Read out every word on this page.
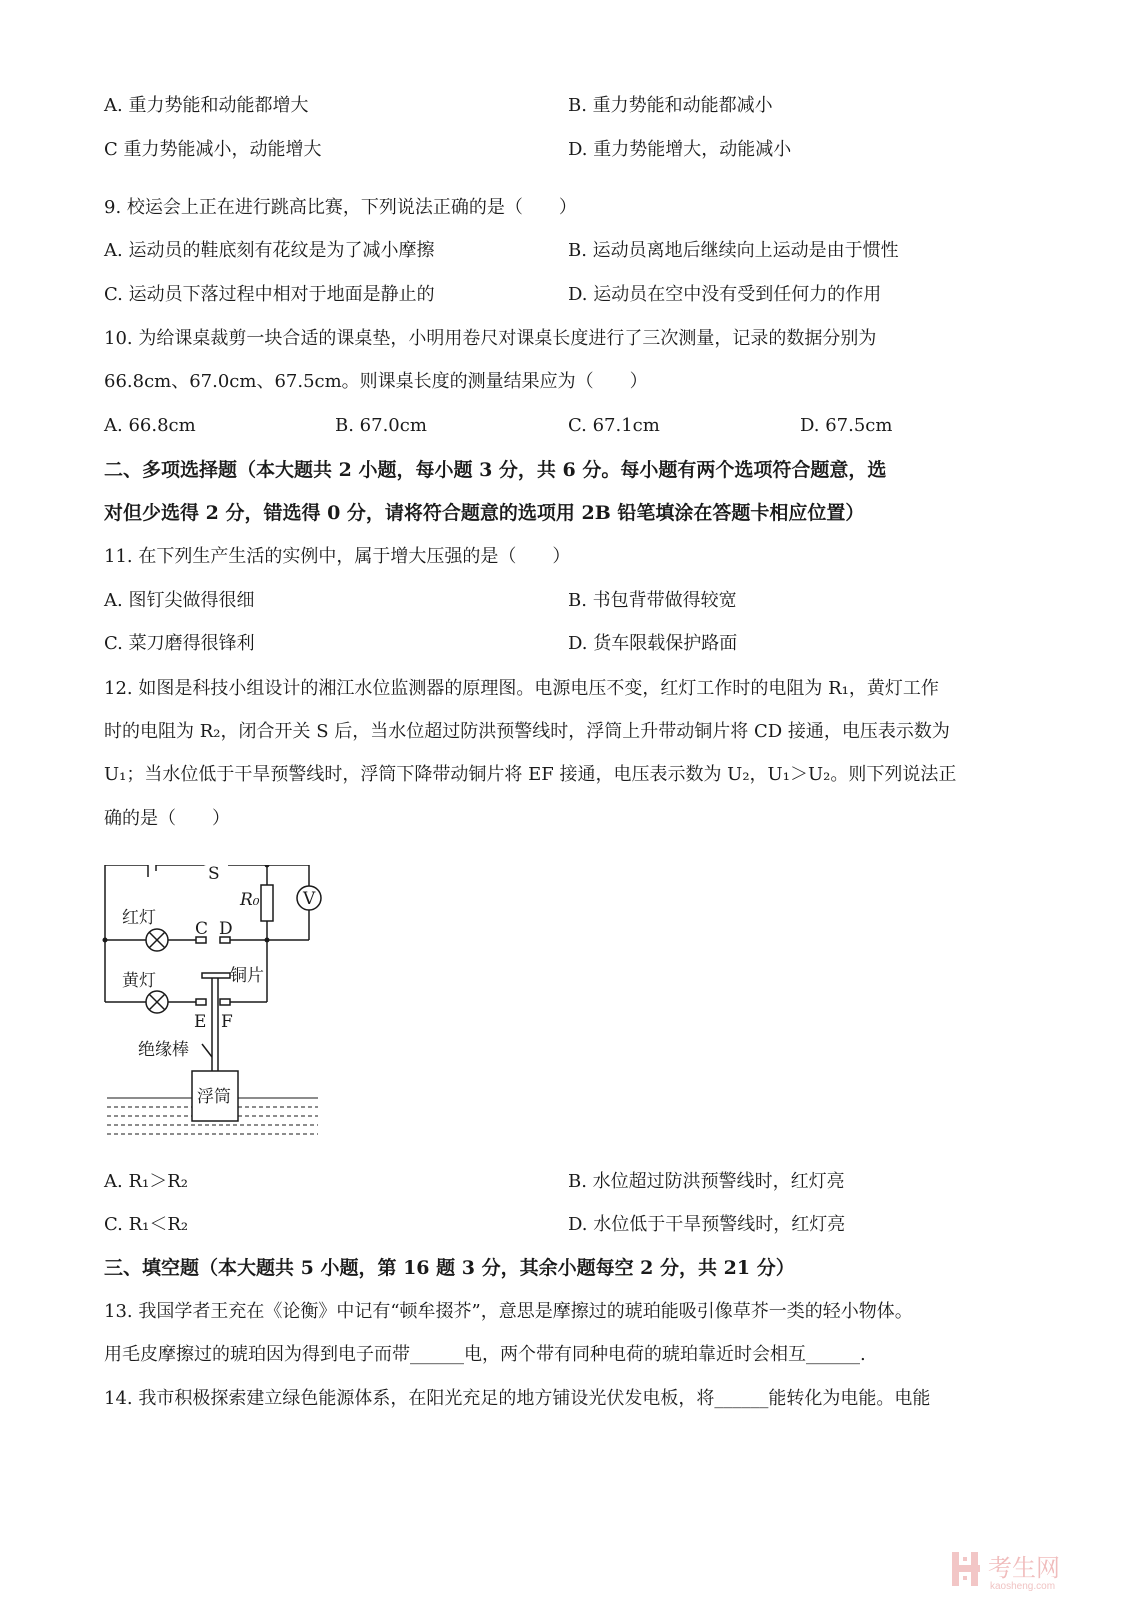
A. 重力势能和动能都增大	B. 重力势能和动能都减小
C 重力势能减小，动能增大	D. 重力势能增大，动能减小
9. 校运会上正在进行跳高比赛，下列说法正确的是（　　）
A. 运动员的鞋底刻有花纹是为了减小摩擦	B. 运动员离地后继续向上运动是由于惯性
C. 运动员下落过程中相对于地面是静止的	D. 运动员在空中没有受到任何力的作用
10. 为给课桌裁剪一块合适的课桌垫，小明用卷尺对课桌长度进行了三次测量，记录的数据分别为
66.8cm、67.0cm、67.5cm。则课桌长度的测量结果应为（　　）
A. 66.8cm	B. 67.0cm	C. 67.1cm	D. 67.5cm
二、多项选择题（本大题共 2 小题，每小题 3 分，共 6 分。每小题有两个选项符合题意，选
对但少选得 2 分，错选得 0 分，请将符合题意的选项用 2B 铅笔填涂在答题卡相应位置）
11. 在下列生产生活的实例中，属于增大压强的是（　　）
A. 图钉尖做得很细	B. 书包背带做得较宽
C. 菜刀磨得很锋利	D. 货车限载保护路面
12. 如图是科技小组设计的湘江水位监测器的原理图。电源电压不变，红灯工作时的电阻为 R₁，黄灯工作
时的电阻为 R₂，闭合开关 S 后，当水位超过防洪预警线时，浮筒上升带动铜片将 CD 接通，电压表示数为
U₁；当水位低于干旱预警线时，浮筒下降带动铜片将 EF 接通，电压表示数为 U₂，U₁＞U₂。则下列说法正
确的是（　　）
S
R₀	V
红灯
C D
黄灯	铜片
E F
绝缘棒
浮筒
A. R₁＞R₂	B. 水位超过防洪预警线时，红灯亮
C. R₁＜R₂	D. 水位低于干旱预警线时，红灯亮
三、填空题（本大题共 5 小题，第 16 题 3 分，其余小题每空 2 分，共 21 分）
13. 我国学者王充在《论衡》中记有“顿牟掇芥”，意思是摩擦过的琥珀能吸引像草芥一类的轻小物体。
用毛皮摩擦过的琥珀因为得到电子而带______电，两个带有同种电荷的琥珀靠近时会相互______.
14. 我市积极探索建立绿色能源体系，在阳光充足的地方铺设光伏发电板，将______能转化为电能。电能
考生网
kaosheng.com
